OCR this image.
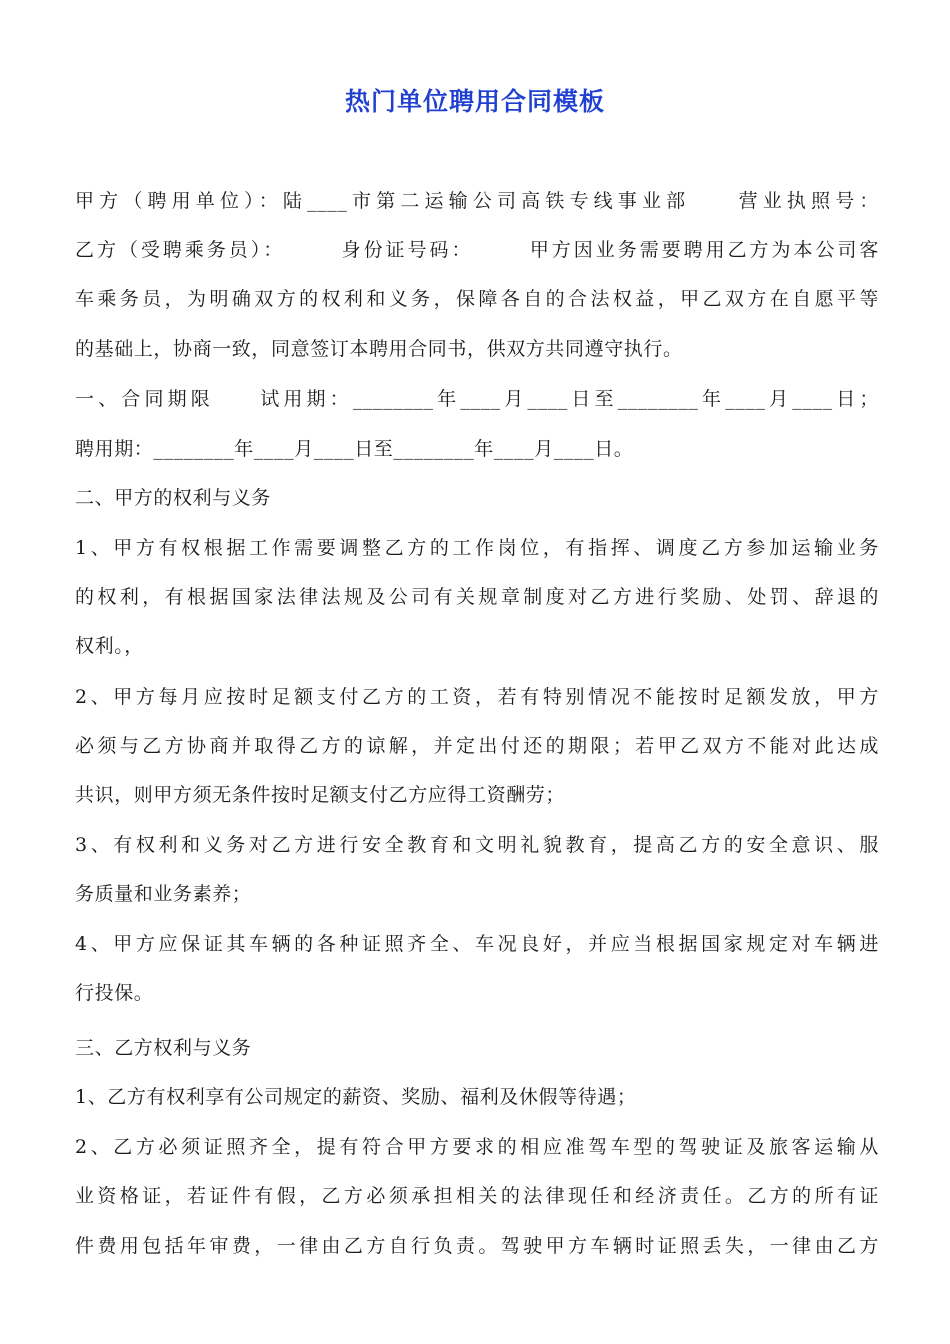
热门单位聘用合同模板
甲方（聘用单位）：陆____市第二运输公司高铁专线事业部　　营业执照号：
乙方（受聘乘务员）：　　　身份证号码：　　　甲方因业务需要聘用乙方为本公司客
车乘务员，为明确双方的权利和义务，保障各自的合法权益，甲乙双方在自愿平等
的基础上，协商一致，同意签订本聘用合同书，供双方共同遵守执行。
一、合同期限　　试用期：________年____月____日至________年____月____日；
聘用期：________年____月____日至________年____月____日。
二、甲方的权利与义务
1、甲方有权根据工作需要调整乙方的工作岗位，有指挥、调度乙方参加运输业务
的权利，有根据国家法律法规及公司有关规章制度对乙方进行奖励、处罚、辞退的
权利。，
2、甲方每月应按时足额支付乙方的工资，若有特别情况不能按时足额发放，甲方
必须与乙方协商并取得乙方的谅解，并定出付还的期限；若甲乙双方不能对此达成
共识，则甲方须无条件按时足额支付乙方应得工资酬劳；
3、有权利和义务对乙方进行安全教育和文明礼貌教育，提高乙方的安全意识、服
务质量和业务素养；
4、甲方应保证其车辆的各种证照齐全、车况良好，并应当根据国家规定对车辆进
行投保。
三、乙方权利与义务
1、乙方有权利享有公司规定的薪资、奖励、福利及休假等待遇；
2、乙方必须证照齐全，提有符合甲方要求的相应准驾车型的驾驶证及旅客运输从
业资格证，若证件有假，乙方必须承担相关的法律现任和经济责任。乙方的所有证
件费用包括年审费，一律由乙方自行负责。驾驶甲方车辆时证照丢失，一律由乙方
